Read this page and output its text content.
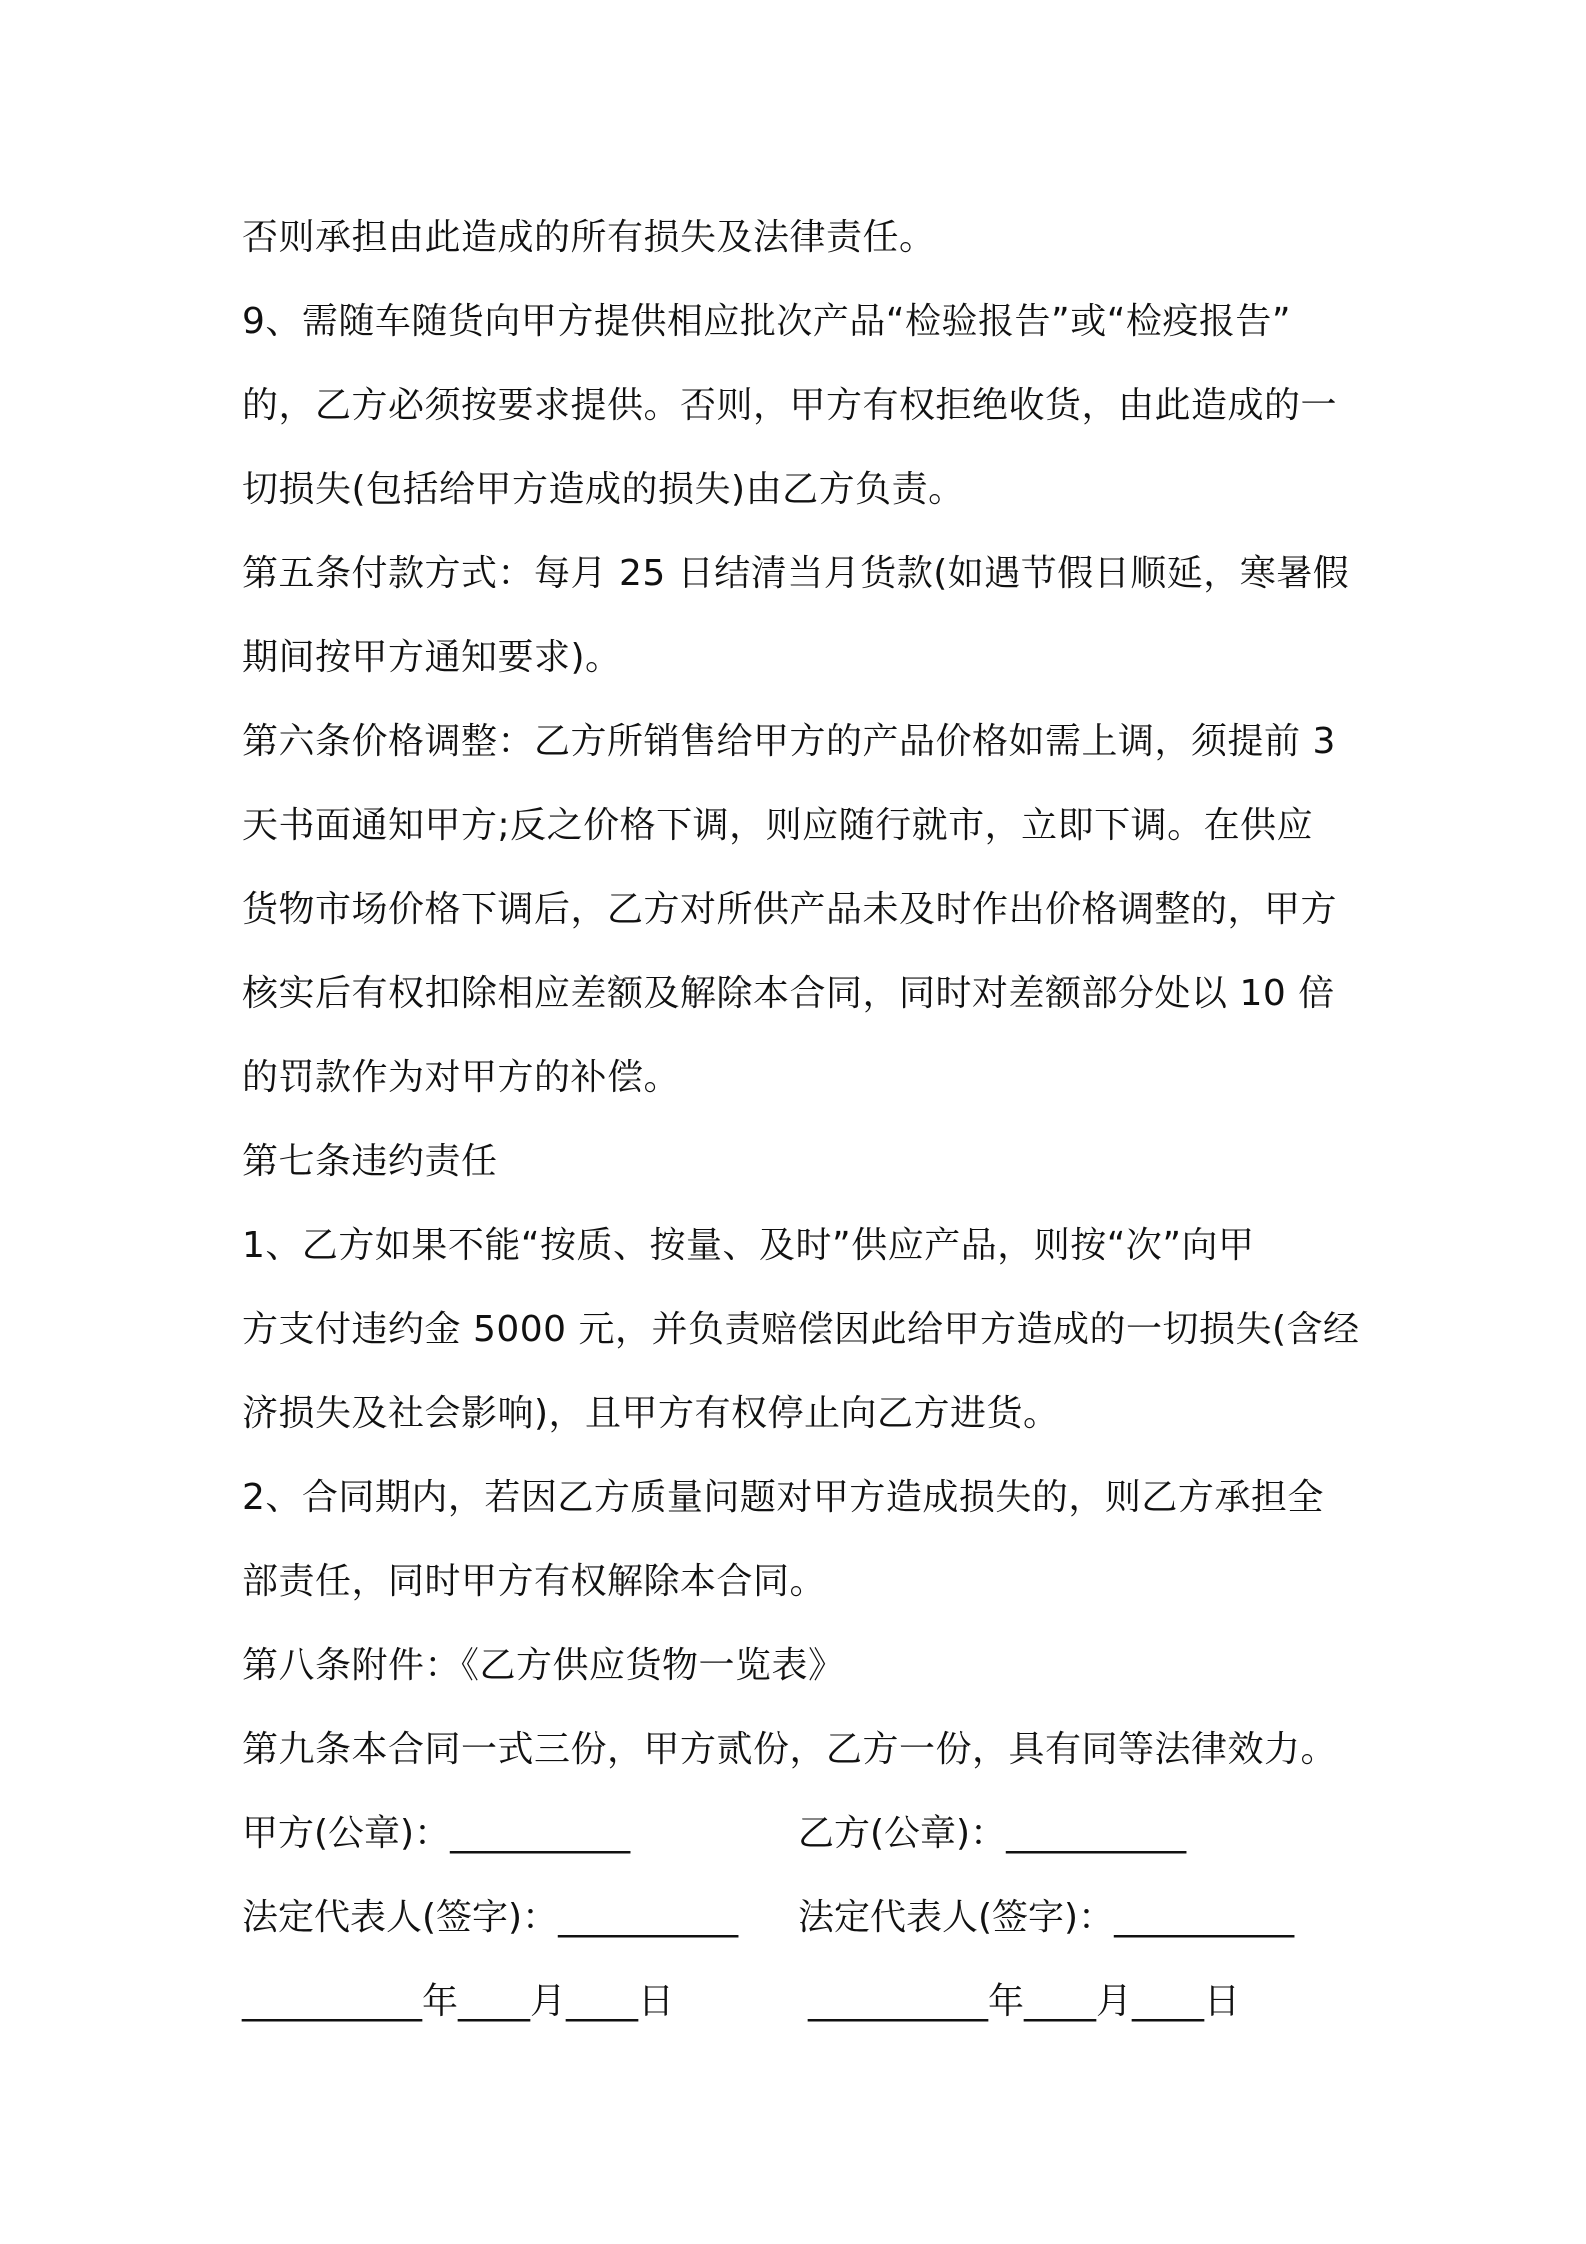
否则承担由此造成的所有损失及法律责任。
9、需随车随货向甲方提供相应批次产品“检验报告”或“检疫报告”
的，乙方必须按要求提供。否则，甲方有权拒绝收货，由此造成的一
切损失(包括给甲方造成的损失)由乙方负责。
第五条付款方式：每月 25 日结清当月货款(如遇节假日顺延，寒暑假
期间按甲方通知要求)。
第六条价格调整：乙方所销售给甲方的产品价格如需上调，须提前 3
天书面通知甲方;反之价格下调，则应随行就市，立即下调。在供应
货物市场价格下调后，乙方对所供产品未及时作出价格调整的，甲方
核实后有权扣除相应差额及解除本合同，同时对差额部分处以 10 倍
的罚款作为对甲方的补偿。
第七条违约责任
1、乙方如果不能“按质、按量、及时”供应产品，则按“次”向甲
方支付违约金 5000 元，并负责赔偿因此给甲方造成的一切损失(含经
济损失及社会影响)，且甲方有权停止向乙方进货。
2、合同期内，若因乙方质量问题对甲方造成损失的，则乙方承担全
部责任，同时甲方有权解除本合同。
第八条附件：《乙方供应货物一览表》
第九条本合同一式三份，甲方贰份，乙方一份，具有同等法律效力。
甲方(公章)：__________	乙方(公章)：__________
法定代表人(签字)：__________ 法定代表人(签字)：__________
__________年____月____日	__________年____月____日
